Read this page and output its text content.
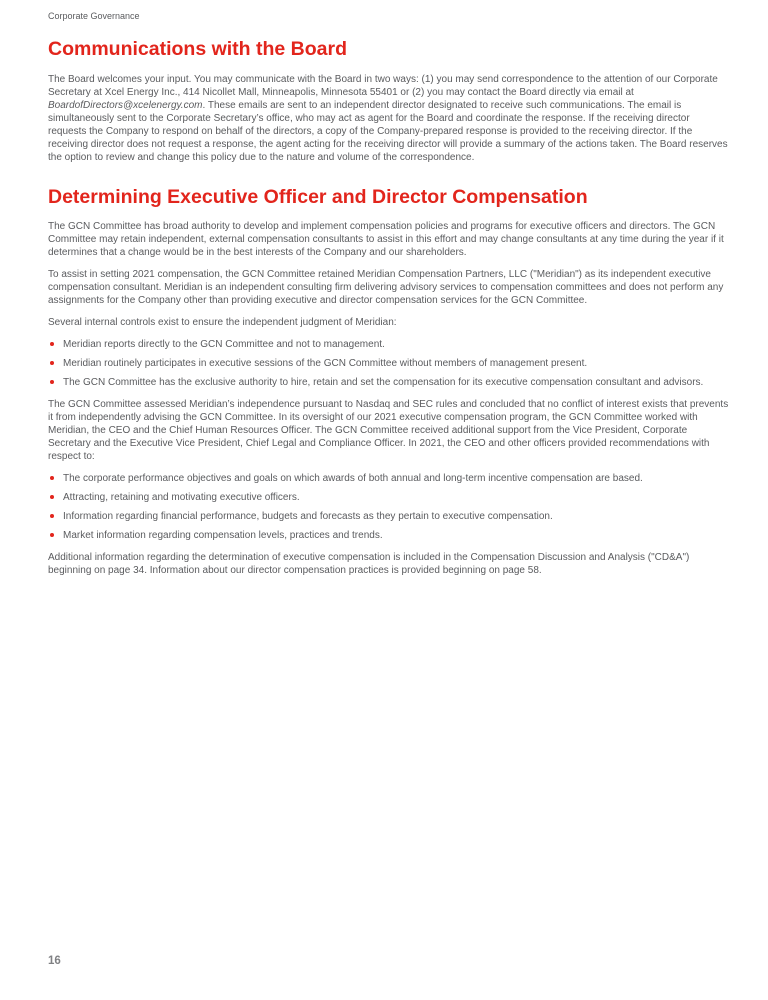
Corporate Governance
Communications with the Board

The Board welcomes your input. You may communicate with the Board in two ways: (1) you may send correspondence to the attention of our Corporate Secretary at Xcel Energy Inc., 414 Nicollet Mall, Minneapolis, Minnesota 55401 or (2) you may contact the Board directly via email at BoardofDirectors@xcelenergy.com. These emails are sent to an independent director designated to receive such communications. The email is simultaneously sent to the Corporate Secretary’s office, who may act as agent for the Board and coordinate the response. If the receiving director requests the Company to respond on behalf of the directors, a copy of the Company-prepared response is provided to the receiving director. If the receiving director does not request a response, the agent acting for the receiving director will provide a summary of the actions taken. The Board reserves the option to review and change this policy due to the nature and volume of the correspondence.

Determining Executive Officer and Director Compensation

The GCN Committee has broad authority to develop and implement compensation policies and programs for executive officers and directors. The GCN Committee may retain independent, external compensation consultants to assist in this effort and may change consultants at any time during the year if it determines that a change would be in the best interests of the Company and our shareholders.

To assist in setting 2021 compensation, the GCN Committee retained Meridian Compensation Partners, LLC ("Meridian") as its independent executive compensation consultant. Meridian is an independent consulting firm delivering advisory services to compensation committees and does not perform any assignments for the Company other than providing executive and director compensation services for the GCN Committee.

Several internal controls exist to ensure the independent judgment of Meridian:

Meridian reports directly to the GCN Committee and not to management.
Meridian routinely participates in executive sessions of the GCN Committee without members of management present.
The GCN Committee has the exclusive authority to hire, retain and set the compensation for its executive compensation consultant and advisors.

The GCN Committee assessed Meridian’s independence pursuant to Nasdaq and SEC rules and concluded that no conflict of interest exists that prevents it from independently advising the GCN Committee. In its oversight of our 2021 executive compensation program, the GCN Committee worked with Meridian, the CEO and the Chief Human Resources Officer. The GCN Committee received additional support from the Vice President, Corporate Secretary and the Executive Vice President, Chief Legal and Compliance Officer. In 2021, the CEO and other officers provided recommendations with respect to:

The corporate performance objectives and goals on which awards of both annual and long-term incentive compensation are based.
Attracting, retaining and motivating executive officers.
Information regarding financial performance, budgets and forecasts as they pertain to executive compensation.
Market information regarding compensation levels, practices and trends.

Additional information regarding the determination of executive compensation is included in the Compensation Discussion and Analysis ("CD&A") beginning on page 34. Information about our director compensation practices is provided beginning on page 58.

16
